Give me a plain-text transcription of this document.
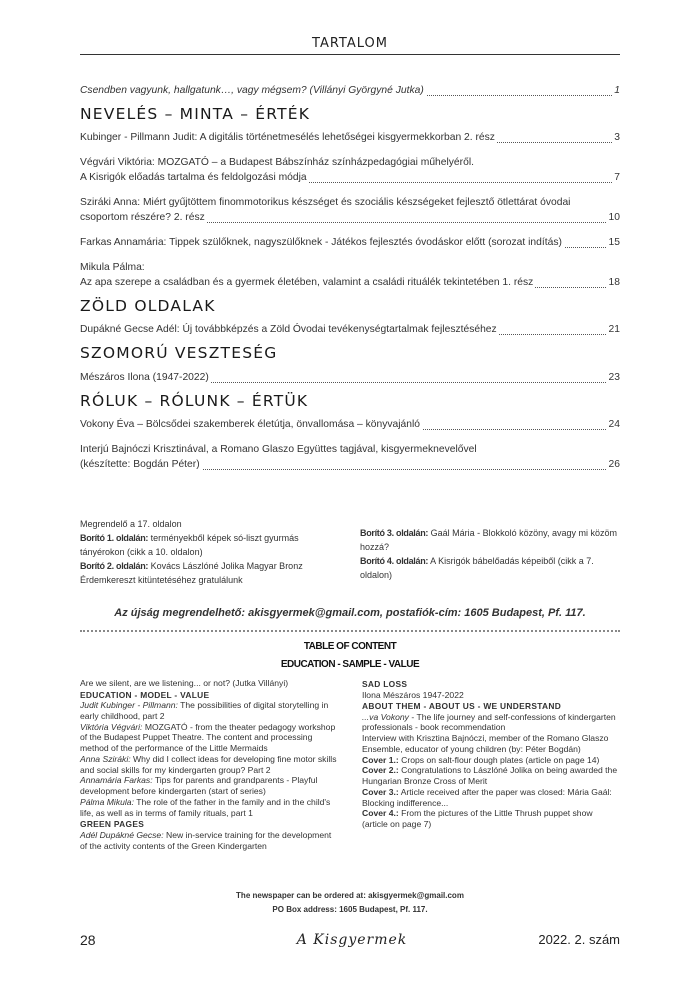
TARTALOM
Csendben vagyunk, hallgatunk…, vagy mégsem? (Villányi Györgyné Jutka)	1
NEVELÉS – MINTA – ÉRTÉK
Kubinger - Pillmann Judit: A digitális történetmesélés lehetőségei kisgyermekkorban 2. rész	3
Végvári Viktória: MOZGATÓ – a Budapest Bábszínház színházpedagógiai műhelyéről.
A Kisrigók előadás tartalma és feldolgozási módja	7
Sziráki Anna: Miért gyűjtöttem finommotorikus készséget és szociális készségeket fejlesztő ötlettárat óvodai
csoportom részére? 2. rész	10
Farkas Annamária: Tippek szülőknek, nagyszülőknek - Játékos fejlesztés óvodáskor előtt (sorozat indítás)	15
Mikula Pálma:
Az apa szerepe a családban és a gyermek életében, valamint a családi rituálék tekintetében 1. rész	18
ZÖLD OLDALAK
Dupákné Gecse Adél: Új továbbképzés a Zöld Óvodai tevékenységtartalmak fejlesztéséhez	21
SZOMORÚ VESZTESÉG
Mészáros Ilona (1947-2022)	23
RÓLUK – RÓLUNK – ÉRTÜK
Vokony Éva – Bölcsődei szakemberek életútja, önvallomása – könyvajánló	24
Interjú Bajnóczi Krisztinával, a Romano Glaszo Együttes tagjával, kisgyermeknevelővel
(készítette: Bogdán Péter)	26
Megrendelő a 17. oldalon
Borító 1. oldalán: terményekből képek só-liszt gyurmás tányérokon (cikk a 10. oldalon)
Borító 2. oldalán: Kovács Lászlóné Jolika Magyar Bronz Érdemkereszt kitüntetéséhez gratulálunk
Borító 3. oldalán: Gaál Mária - Blokkoló közöny, avagy mi közöm hozzá?
Borító 4. oldalán: A Kisrigók bábelőadás képeiből (cikk a 7. oldalon)
Az újság megrendelhető: akisgyermek@gmail.com, postafiók-cím: 1605 Budapest, Pf. 117.
TABLE OF CONTENT
EDUCATION - SAMPLE - VALUE
Are we silent, are we listening... or not? (Jutka Villányi)
EDUCATION - MODEL - VALUE
Judit Kubinger - Pillmann: The possibilities of digital storytelling in early childhood, part 2
Viktória Végvári: MOZGATÓ - from the theater pedagogy workshop of the Budapest Puppet Theatre. The content and processing method of the performance of the Little Mermaids
Anna Sziráki: Why did I collect ideas for developing fine motor skills and social skills for my kindergarten group? Part 2
Annamária Farkas: Tips for parents and grandparents - Playful development before kindergarten (start of series)
Pálma Mikula: The role of the father in the family and in the child's life, as well as in terms of family rituals, part 1
GREEN PAGES
Adél Dupákné Gecse: New in-service training for the development of the activity contents of the Green Kindergarten
SAD LOSS
Ilona Mészáros 1947-2022
ABOUT THEM - ABOUT US - WE UNDERSTAND
...va Vokony - The life journey and self-confessions of kindergarten professionals - book recommendation
Interview with Krisztina Bajnóczi, member of the Romano Glaszo Ensemble, educator of young children (by: Péter Bogdán)
Cover 1.: Crops on salt-flour dough plates (article on page 14)
Cover 2.: Congratulations to Lászlóné Jolika on being awarded the Hungarian Bronze Cross of Merit
Cover 3.: Article received after the paper was closed: Mária Gaál: Blocking indifference...
Cover 4.: From the pictures of the Little Thrush puppet show (article on page 7)
The newspaper can be ordered at: akisgyermek@gmail.com
PO Box address: 1605 Budapest, Pf. 117.
28	A Kisgyermek	2022. 2. szám
